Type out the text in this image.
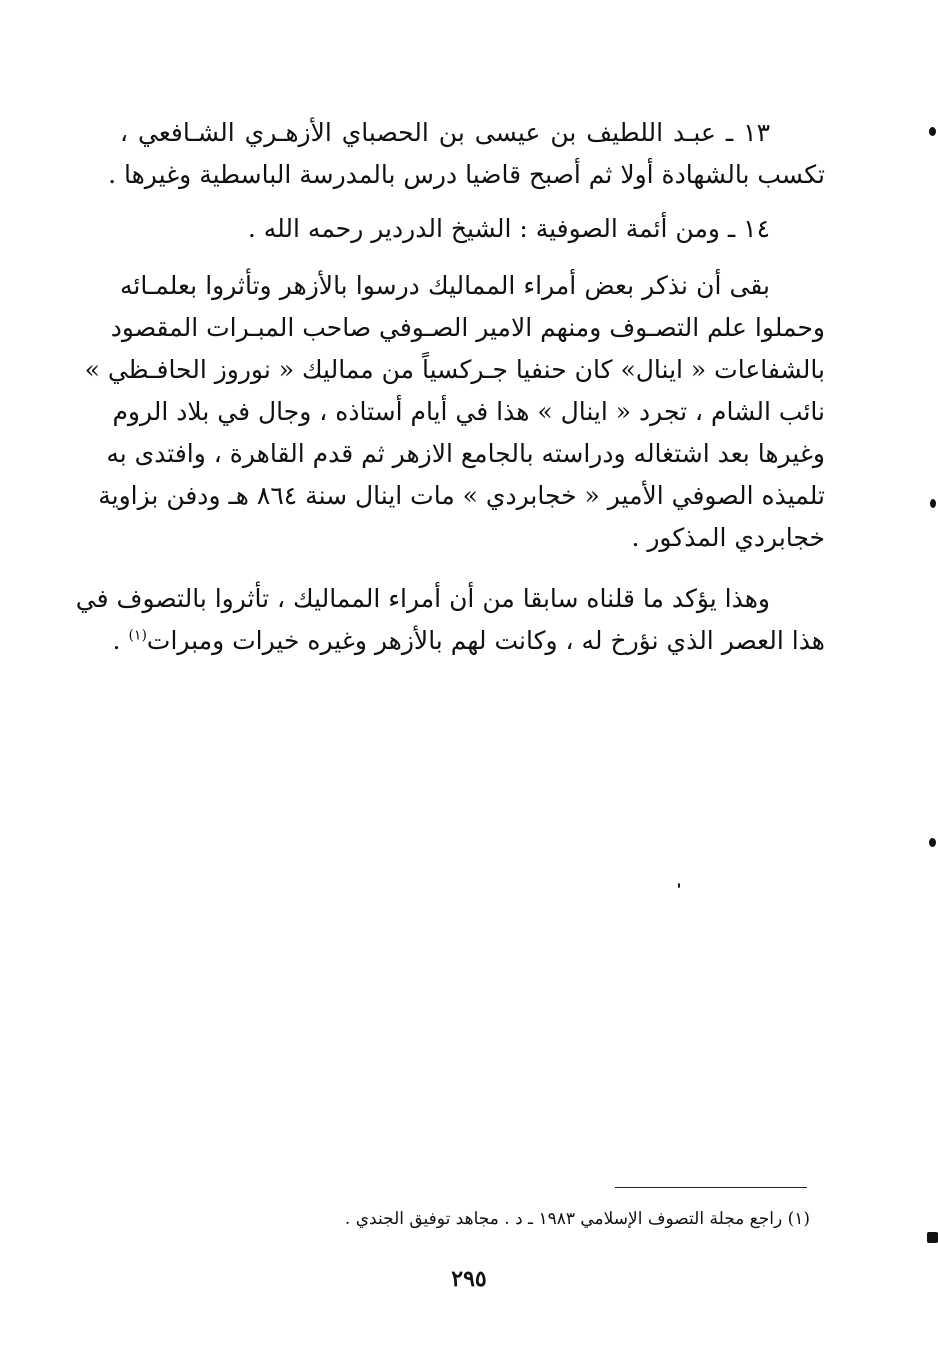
١٣ ـ عبـد اللطيف بن عيسى بن الحصباي الأزهـري الشـافعي ،
تكسب بالشهادة أولا ثم أصبح قاضيا درس بالمدرسة الباسطية وغيرها .
١٤ ـ ومن أئمة الصوفية : الشيخ الدردير رحمه الله .
بقى أن نذكر بعض أمراء المماليك درسوا بالأزهر وتأثروا بعلمـائه
وحملوا علم التصـوف ومنهم الامير الصـوفي صاحب المبـرات المقصود
بالشفاعات « اينال» كان حنفيا جـركسياً من مماليك « نوروز الحافـظي »
نائب الشام ، تجرد « اينال » هذا في أيام أستاذه ، وجال في بلاد الروم
وغيرها بعد اشتغاله ودراسته بالجامع الازهر ثم قدم القاهرة ، وافتدى به
تلميذه الصوفي الأمير « خجابردي » مات اينال سنة ٨٦٤ هـ ودفن بزاوية
خجابردي المذكور .
وهذا يؤكد ما قلناه سابقا من أن أمراء المماليك ، تأثروا بالتصوف في
هذا العصر الذي نؤرخ له ، وكانت لهم بالأزهر وغيره خيرات ومبرات$^{(١)}$ .
(١) راجع مجلة التصوف الإسلامي ١٩٨٣ ـ د . مجاهد توفيق الجندي .
٢٩٥
